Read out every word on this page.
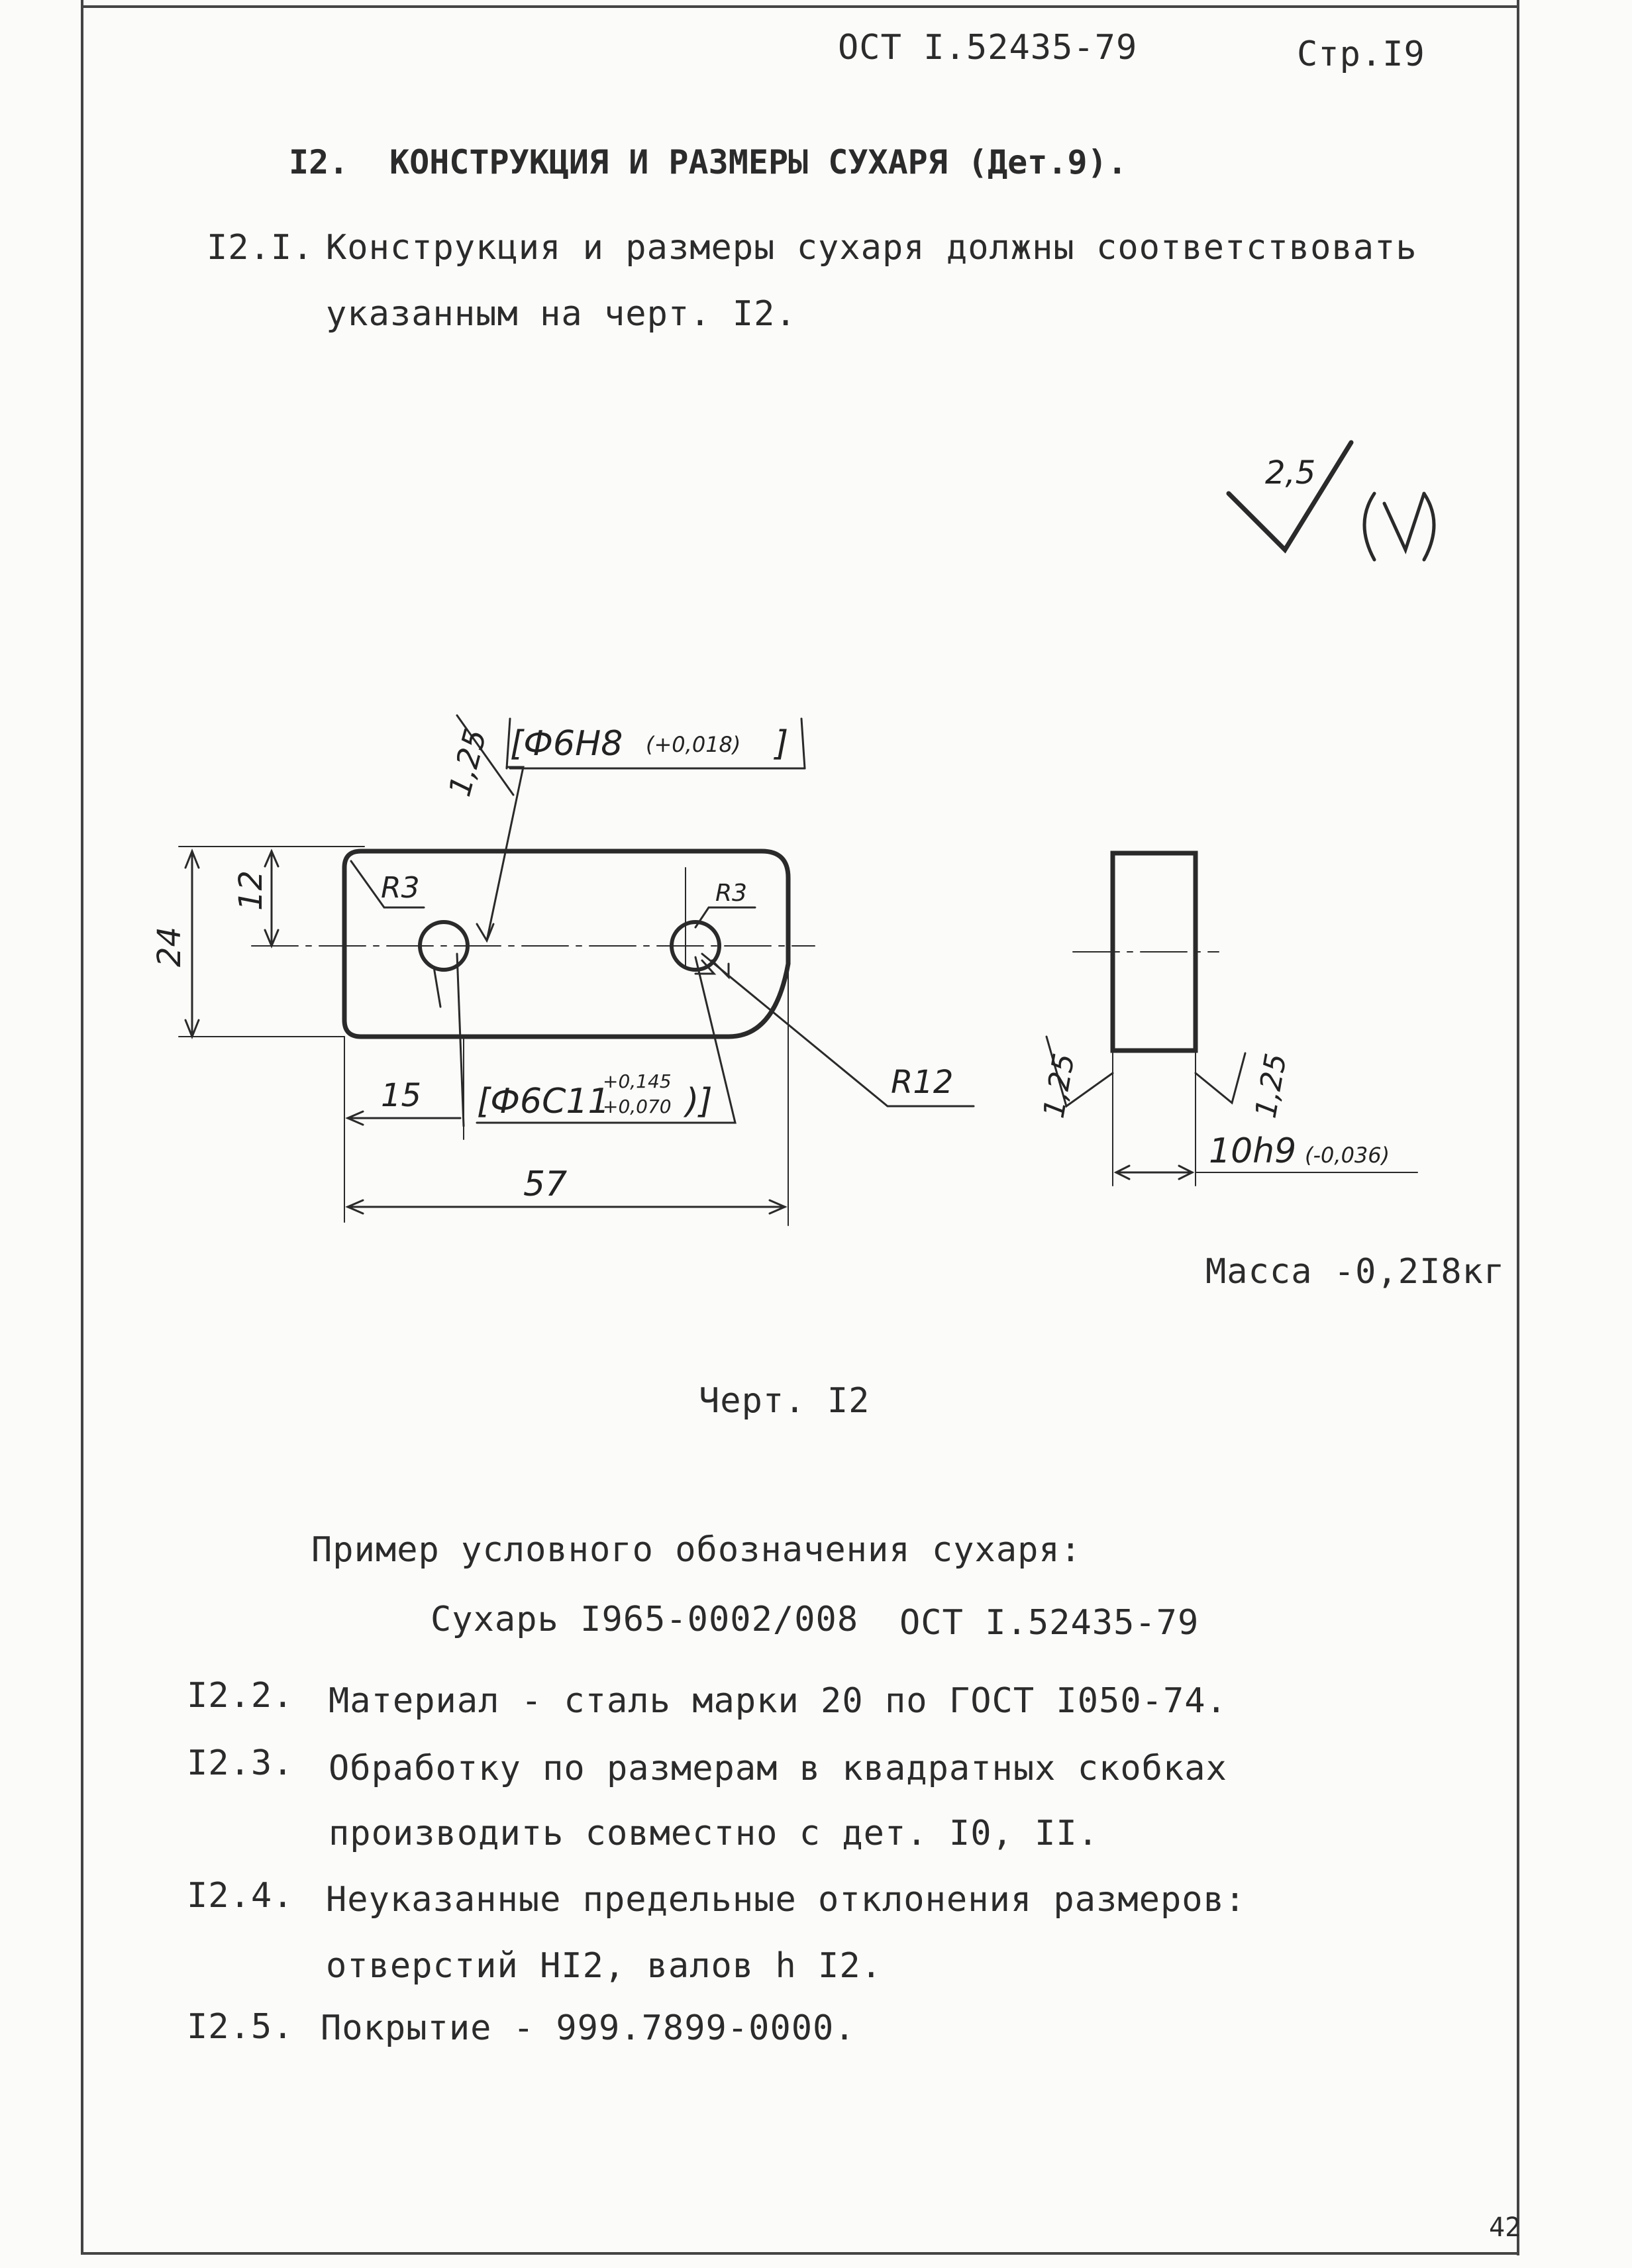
ОСТ I.52435-79	Стр.I9
I2. КОНСТРУКЦИЯ И РАЗМЕРЫ СУХАРЯ (Дет.9).
I2.I. Конструкция и размеры сухаря должны соответствовать
указанным на черт. I2.
[Ф6H8 (+0,018) ]
1,25
R3	R3
24
12
R12
15 [Ф6C11
+0,145
+0,070 )]
57
1,25	1,25
10h9 (-0,036)
2,5
Масса -0,2I8кг
Черт. I2
Пример условного обозначения сухаря:
Сухарь I965-0002/008 ОСТ I.52435-79
I2.2. Материал - сталь марки 20 по ГОСТ I050-74.
I2.3. Обработку по размерам в квадратных скобках
производить совместно с дет. I0, II.
I2.4. Неуказанные предельные отклонения размеров:
отверстий HI2, валов h I2.
I2.5. Покрытие - 999.7899-0000.
42
